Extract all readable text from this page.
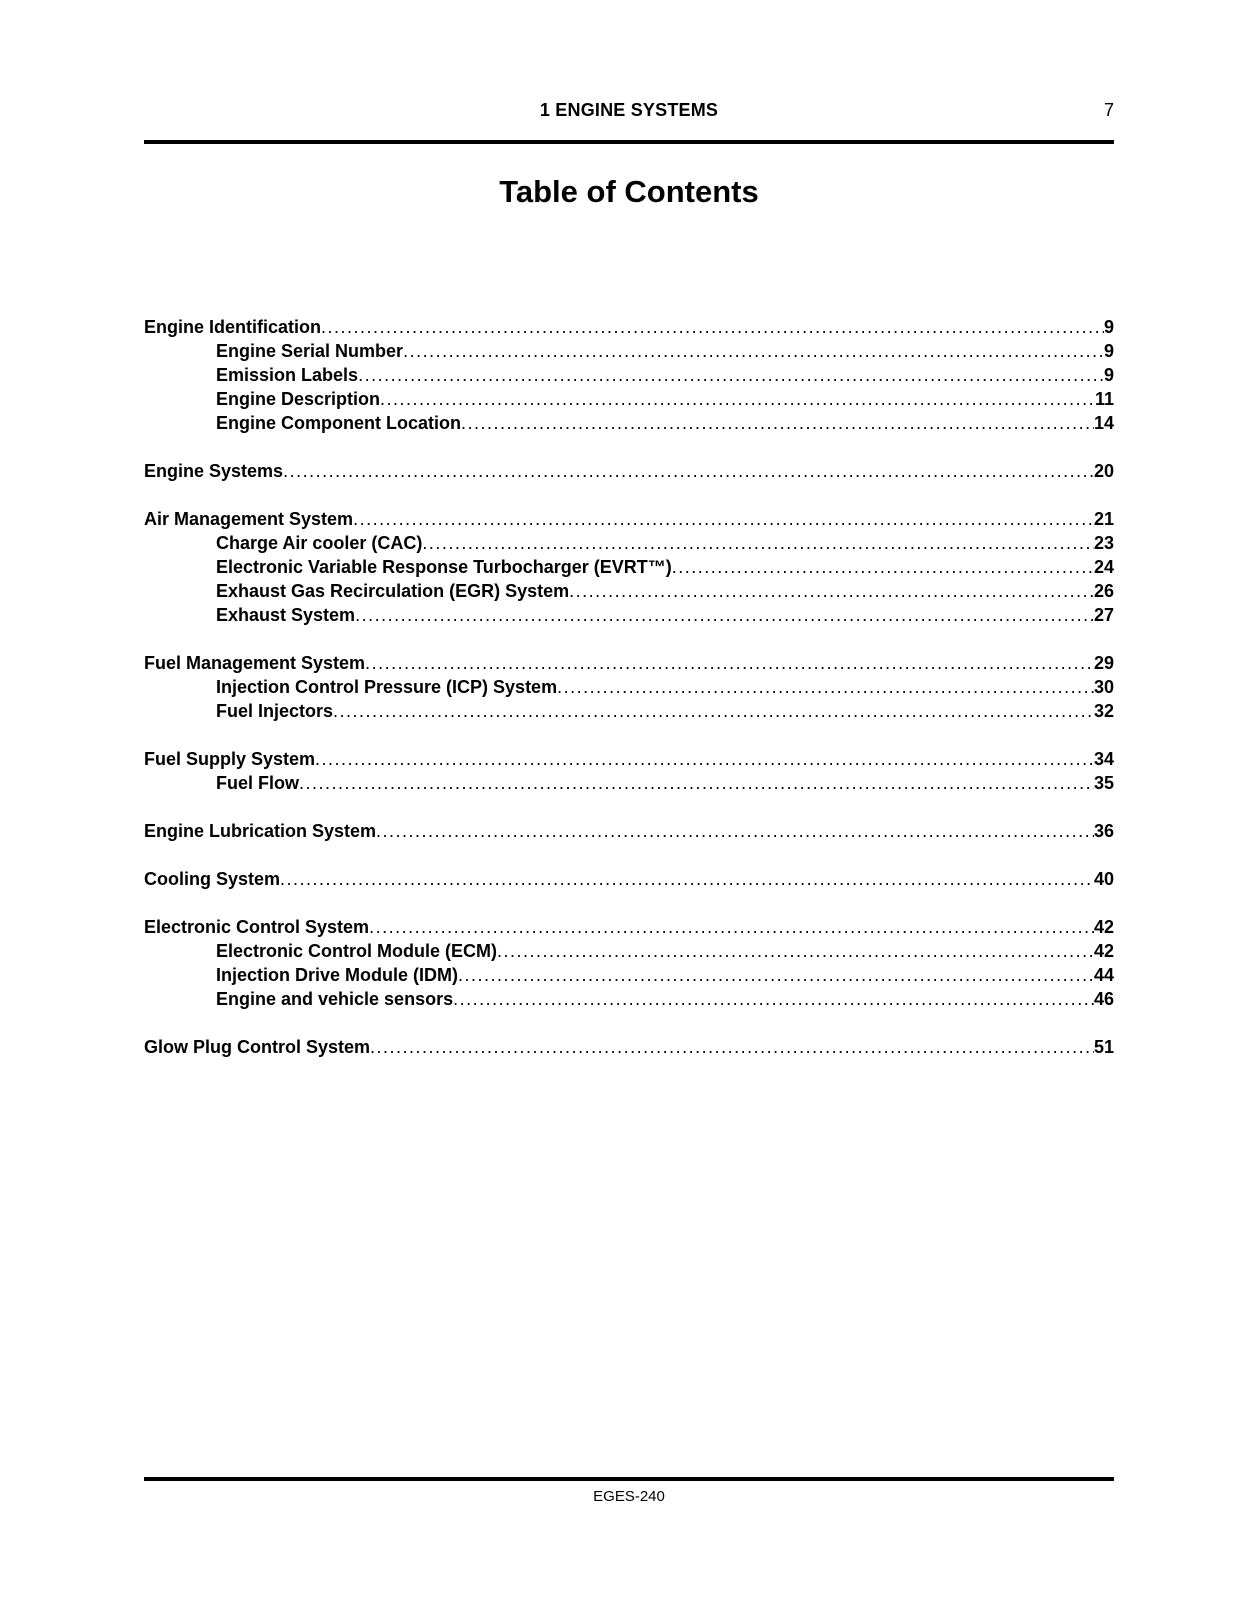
1 ENGINE SYSTEMS	7
Table of Contents
Engine Identification .....	9
Engine Serial Number .....	9
Emission Labels .....	9
Engine Description .....	11
Engine Component Location .....	14
Engine Systems .....	20
Air Management System .....	21
Charge Air cooler (CAC) .....	23
Electronic Variable Response Turbocharger (EVRT™) .....	24
Exhaust Gas Recirculation (EGR) System .....	26
Exhaust System .....	27
Fuel Management System .....	29
Injection Control Pressure (ICP) System .....	30
Fuel Injectors .....	32
Fuel Supply System .....	34
Fuel Flow .....	35
Engine Lubrication System .....	36
Cooling System .....	40
Electronic Control System .....	42
Electronic Control Module (ECM) .....	42
Injection Drive Module (IDM) .....	44
Engine and vehicle sensors .....	46
Glow Plug Control System .....	51
EGES-240
